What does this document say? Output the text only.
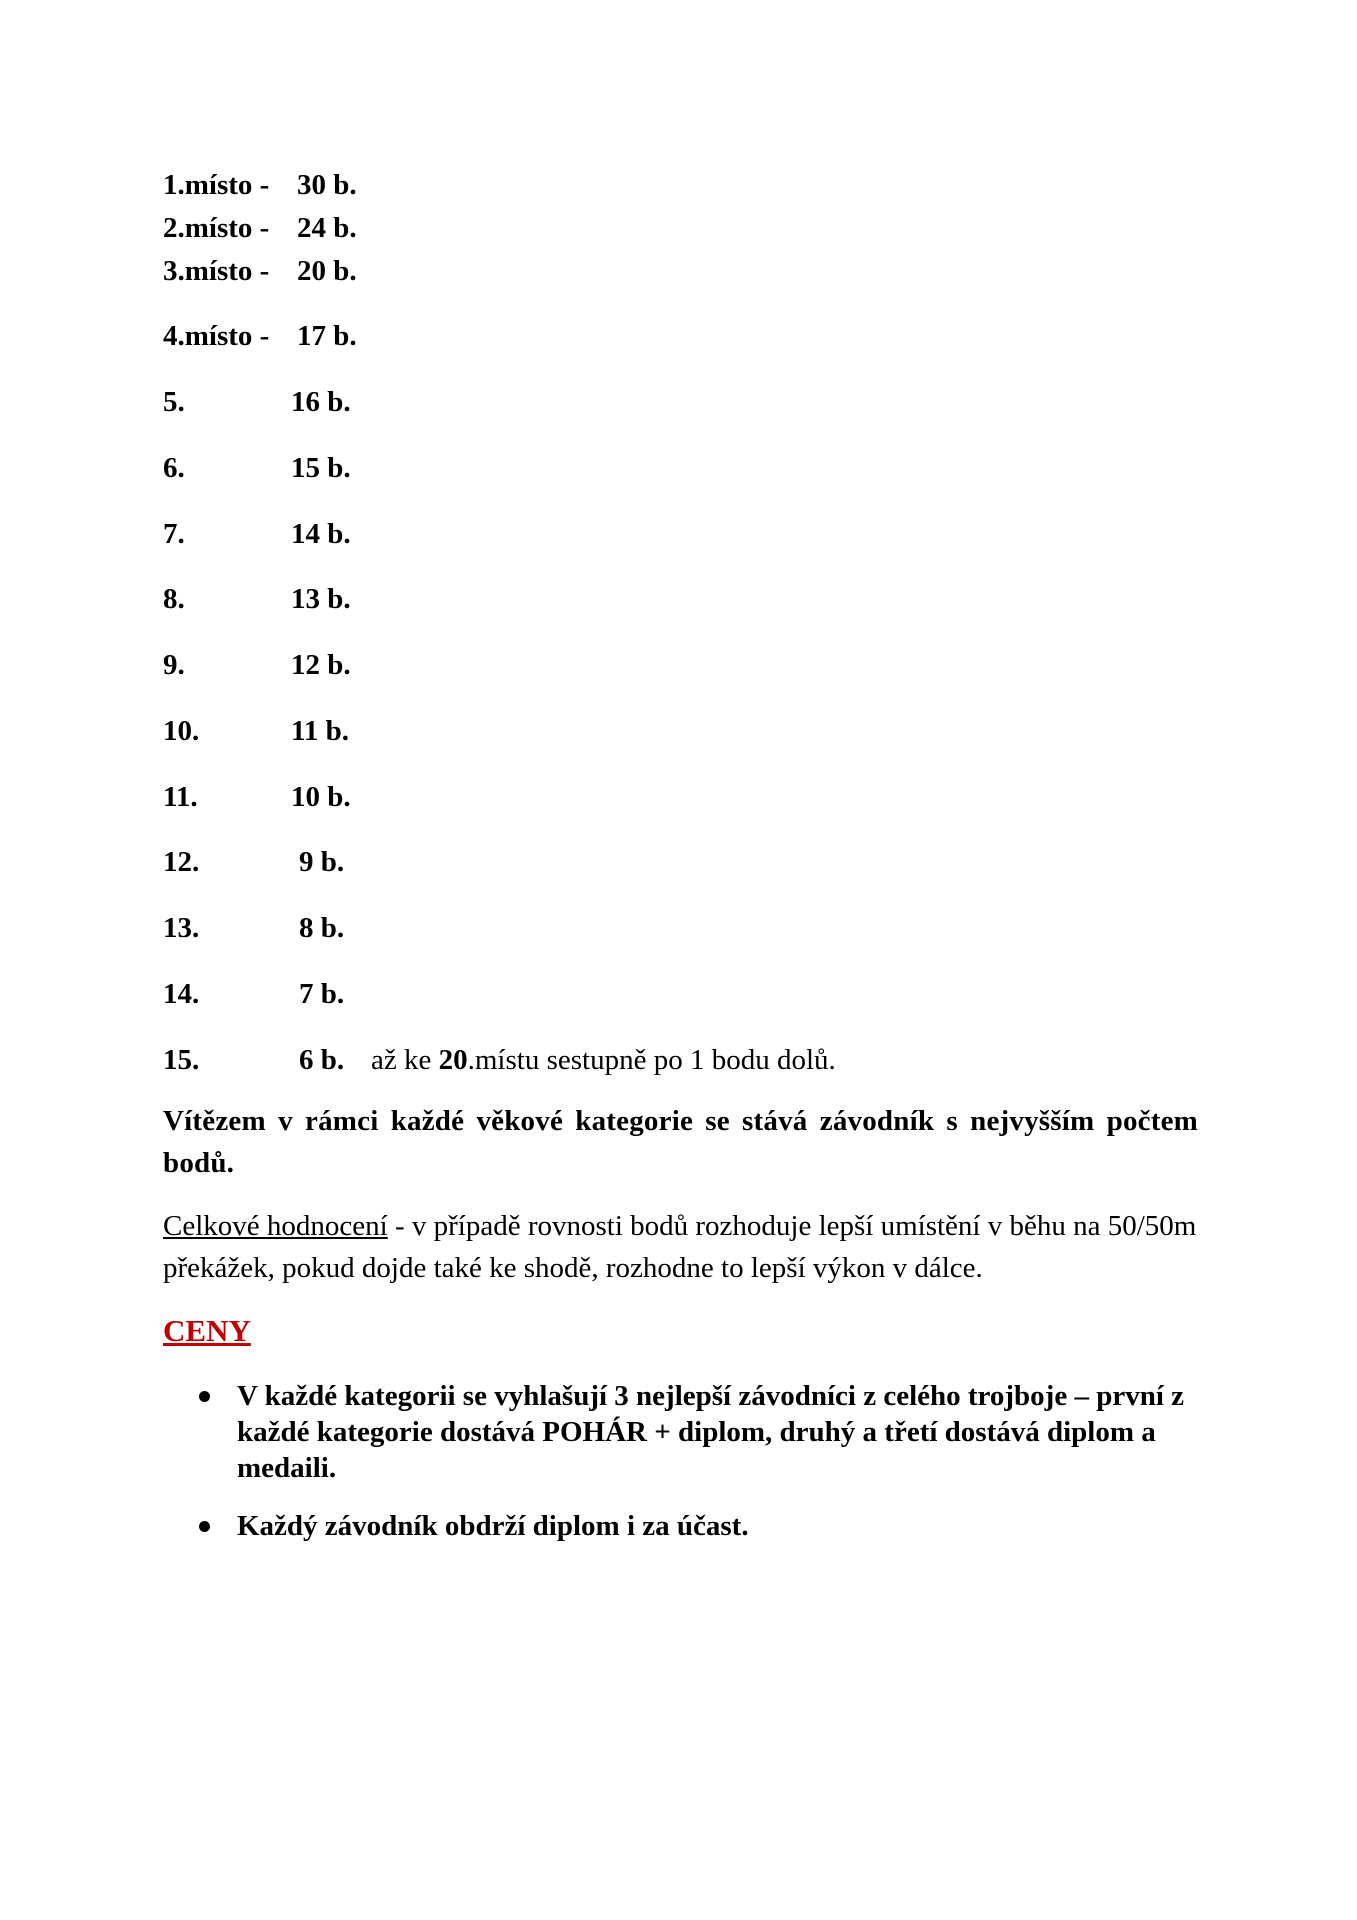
1.místo - 30 b.
2.místo - 24 b.
3.místo - 20 b.
4.místo - 17 b.
5.	16 b.
6.	15 b.
7.	14 b.
8.	13 b.
9.	12 b.
10.	11 b.
11.	10 b.
12.	9 b.
13.	8 b.
14.	7 b.
15.	6 b. až ke 20.místu sestupně po 1 bodu dolů.
Vítězem v rámci každé věkové kategorie se stává závodník s nejvyšším počtem bodů.
Celkové hodnocení - v případě rovnosti bodů rozhoduje lepší umístění v běhu na 50/50m překážek, pokud dojde také ke shodě, rozhodne to lepší výkon v dálce.
CENY
V každé kategorii se vyhlašují 3 nejlepší závodníci z celého trojboje – první z každé kategorie dostává POHÁR + diplom, druhý a třetí dostává diplom a medaili.
Každý závodník obdrží diplom i za účast.
